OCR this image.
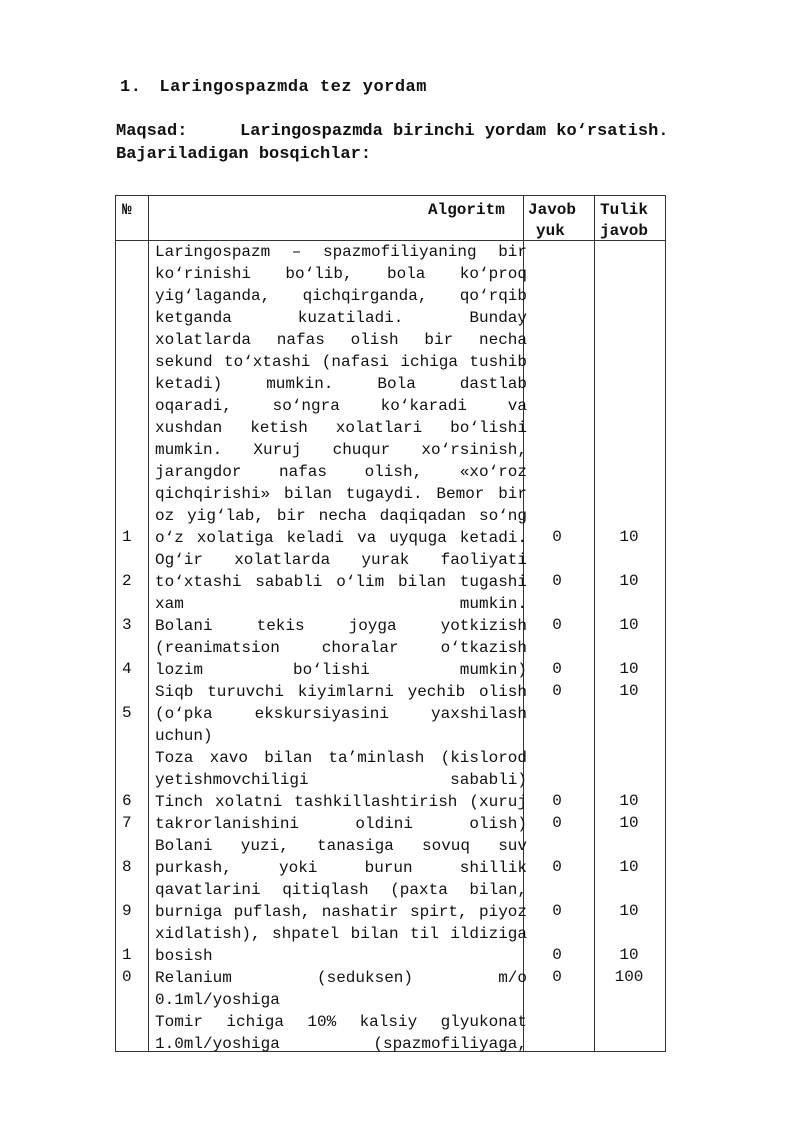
1. Laringospazmda tez yordam
Maqsad:	Laringospazmda birinchi yordam ko‘rsatish.
Bajariladigan bosqichlar:
№	Algoritm Javob
yuk
Tulik
javob
Laringospazm – spazmofiliyaning bir
ko‘rinishi bo‘lib, bola ko‘proq
yig‘laganda, qichqirganda, qo‘rqib
ketganda kuzatiladi. Bunday
xolatlarda nafas olish bir necha
sekund to‘xtashi (nafasi ichiga tushib
ketadi) mumkin. Bola dastlab
oqaradi, so‘ngra ko‘karadi va
xushdan ketish xolatlari bo‘lishi
mumkin. Xuruj chuqur xo‘rsinish,
jarangdor nafas olish, «xo‘roz
qichqirishi» bilan tugaydi. Bemor bir
oz yig‘lab, bir necha daqiqadan so‘ng
o‘z xolatiga keladi va uyquga ketadi.
Og‘ir xolatlarda yurak faoliyati
to‘xtashi sababli o‘lim bilan tugashi
xam mumkin.
Bolani tekis joyga yotkizish
(reanimatsion choralar o‘tkazish
lozim bo‘lishi mumkin)
Siqb turuvchi kiyimlarni yechib olish
(o‘pka ekskursiyasini yaxshilash
uchun)
Toza xavo bilan ta’minlash (kislorod
yetishmovchiligi sababli)
Tinch xolatni tashkillashtirish (xuruj
takrorlanishini oldini olish)
Bolani yuzi, tanasiga sovuq suv
purkash, yoki burun shillik
qavatlarini qitiqlash (paxta bilan,
burniga puflash, nashatir spirt, piyoz
xidlatish), shpatel bilan til ildiziga
bosish
Relanium (seduksen) m/o
0.1ml/yoshiga
Tomir ichiga 10% kalsiy glyukonat
1.0ml/yoshiga (spazmofiliyaga,
1
2
3
4
5
6
7
8
9
1
0
0
0
0
0
0
0
0
0
0
0
0
10
10
10
10
10
10
10
10
10
10
100
